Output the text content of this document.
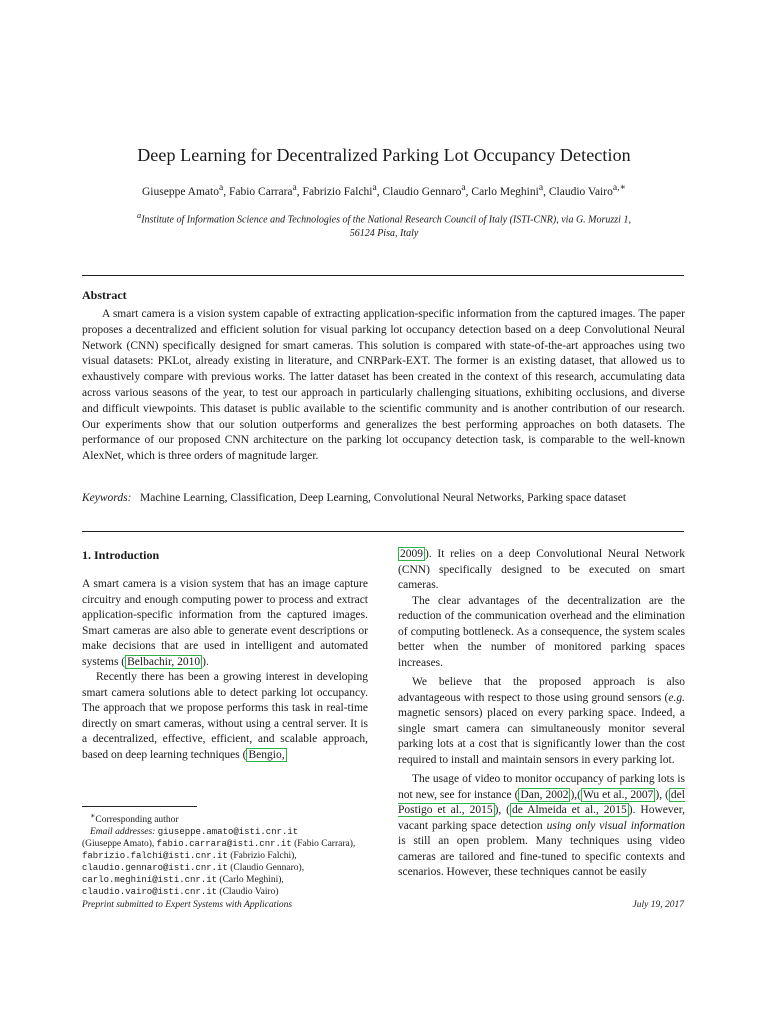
Deep Learning for Decentralized Parking Lot Occupancy Detection
Giuseppe Amato$^a$, Fabio Carrara$^a$, Fabrizio Falchi$^a$, Claudio Gennaro$^a$, Carlo Meghini$^a$, Claudio Vairo$^{a,∗}$
$^a$Institute of Information Science and Technologies of the National Research Council of Italy (ISTI-CNR), via G. Moruzzi 1,
56124 Pisa, Italy
Abstract

A smart camera is a vision system capable of extracting application-specific information from the captured images. The paper proposes a decentralized and efficient solution for visual parking lot occupancy detection based on a deep Convolutional Neural Network (CNN) specifically designed for smart cameras. This solution is compared with state-of-the-art approaches using two visual datasets: PKLot, already existing in literature, and CNRPark-EXT. The former is an existing dataset, that allowed us to exhaustively compare with previous works. The latter dataset has been created in the context of this research, accumulating data across various seasons of the year, to test our approach in particularly challenging situations, exhibiting occlusions, and diverse and difficult viewpoints. This dataset is public available to the scientific community and is another contribution of our research. Our experiments show that our solution outperforms and generalizes the best performing approaches on both datasets. The performance of our proposed CNN architecture on the parking lot occupancy detection task, is comparable to the well-known AlexNet, which is three orders of magnitude larger.

Keywords: Machine Learning, Classification, Deep Learning, Convolutional Neural Networks, Parking space dataset

1. Introduction

A smart camera is a vision system that has an image capture circuitry and enough computing power to process and extract application-specific information from the captured images. Smart cameras are also able to generate event descriptions or make decisions that are used in intelligent and automated systems ( Belbachir, 2010 ).

Recently there has been a growing interest in developing smart camera solutions able to detect parking lot occupancy. The approach that we propose performs this task in real-time directly on smart cameras, without using a central server. It is a decentralized, effective, efficient, and scalable approach, based on deep learning techniques ( Bengio,

2009 ). It relies on a deep Convolutional Neural Network (CNN) specifically designed to be executed on smart cameras.

The clear advantages of the decentralization are the reduction of the communication overhead and the elimination of computing bottleneck. As a consequence, the system scales better when the number of monitored parking spaces increases.

We believe that the proposed approach is also advantageous with respect to those using ground sensors (e.g. magnetic sensors) placed on every parking space. Indeed, a single smart camera can simultaneously monitor several parking lots at a cost that is significantly lower than the cost required to install and maintain sensors in every parking lot.

The usage of video to monitor occupancy of parking lots is not new, see for instance ( Dan, 2002 ),( Wu et al., 2007 ), ( del Postigo et al., 2015 ), ( de Almeida et al., 2015 ). However, vacant parking space detection using only visual information is still an open problem. Many techniques using video cameras are tailored and fine-tuned to specific contexts and scenarios. However, these techniques cannot be easily

∗Corresponding author
Email addresses: giuseppe.amato@isti.cnr.it
(Giuseppe Amato), fabio.carrara@isti.cnr.it (Fabio Carrara), fabrizio.falchi@isti.cnr.it (Fabrizio Falchi),
claudio.gennaro@isti.cnr.it (Claudio Gennaro),
carlo.meghini@isti.cnr.it (Carlo Meghini),
claudio.vairo@isti.cnr.it (Claudio Vairo)
Preprint submitted to Expert Systems with Applications	July 19, 2017
